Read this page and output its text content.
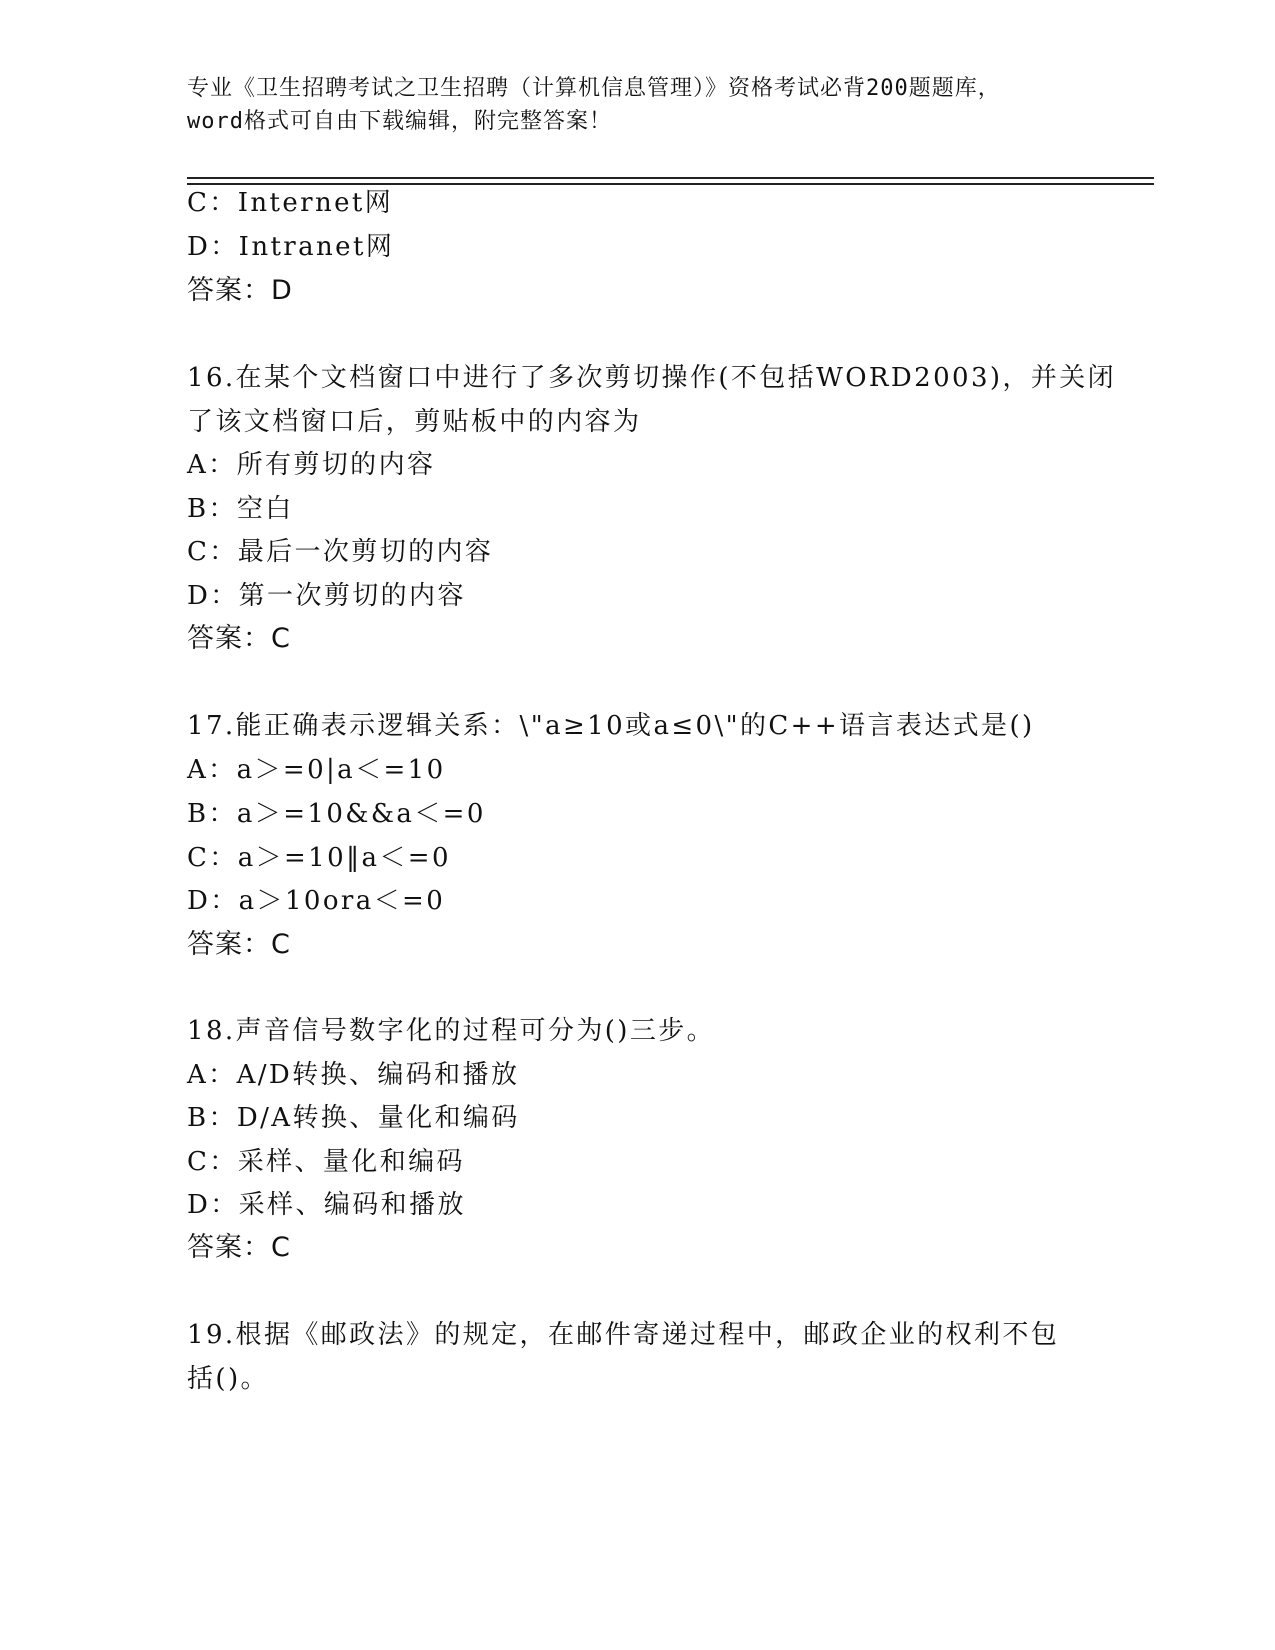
专业《卫生招聘考试之卫生招聘（计算机信息管理）》资格考试必背200题题库，
word格式可自由下载编辑，附完整答案！
C：Internet网
D：Intranet网
答案：D
16.在某个文档窗口中进行了多次剪切操作(不包括WORD2003)，并关闭
了该文档窗口后，剪贴板中的内容为
A：所有剪切的内容
B：空白
C：最后一次剪切的内容
D：第一次剪切的内容
答案：C
17.能正确表示逻辑关系：\"a≥10或a≤0\"的C++语言表达式是()
A：a＞=0|a＜=10
B：a＞=10&&a＜=0
C：a＞=10‖a＜=0
D：a＞10ora＜=0
答案：C
18.声音信号数字化的过程可分为()三步。
A：A/D转换、编码和播放
B：D/A转换、量化和编码
C：采样、量化和编码
D：采样、编码和播放
答案：C
19.根据《邮政法》的规定，在邮件寄递过程中，邮政企业的权利不包
括()。
